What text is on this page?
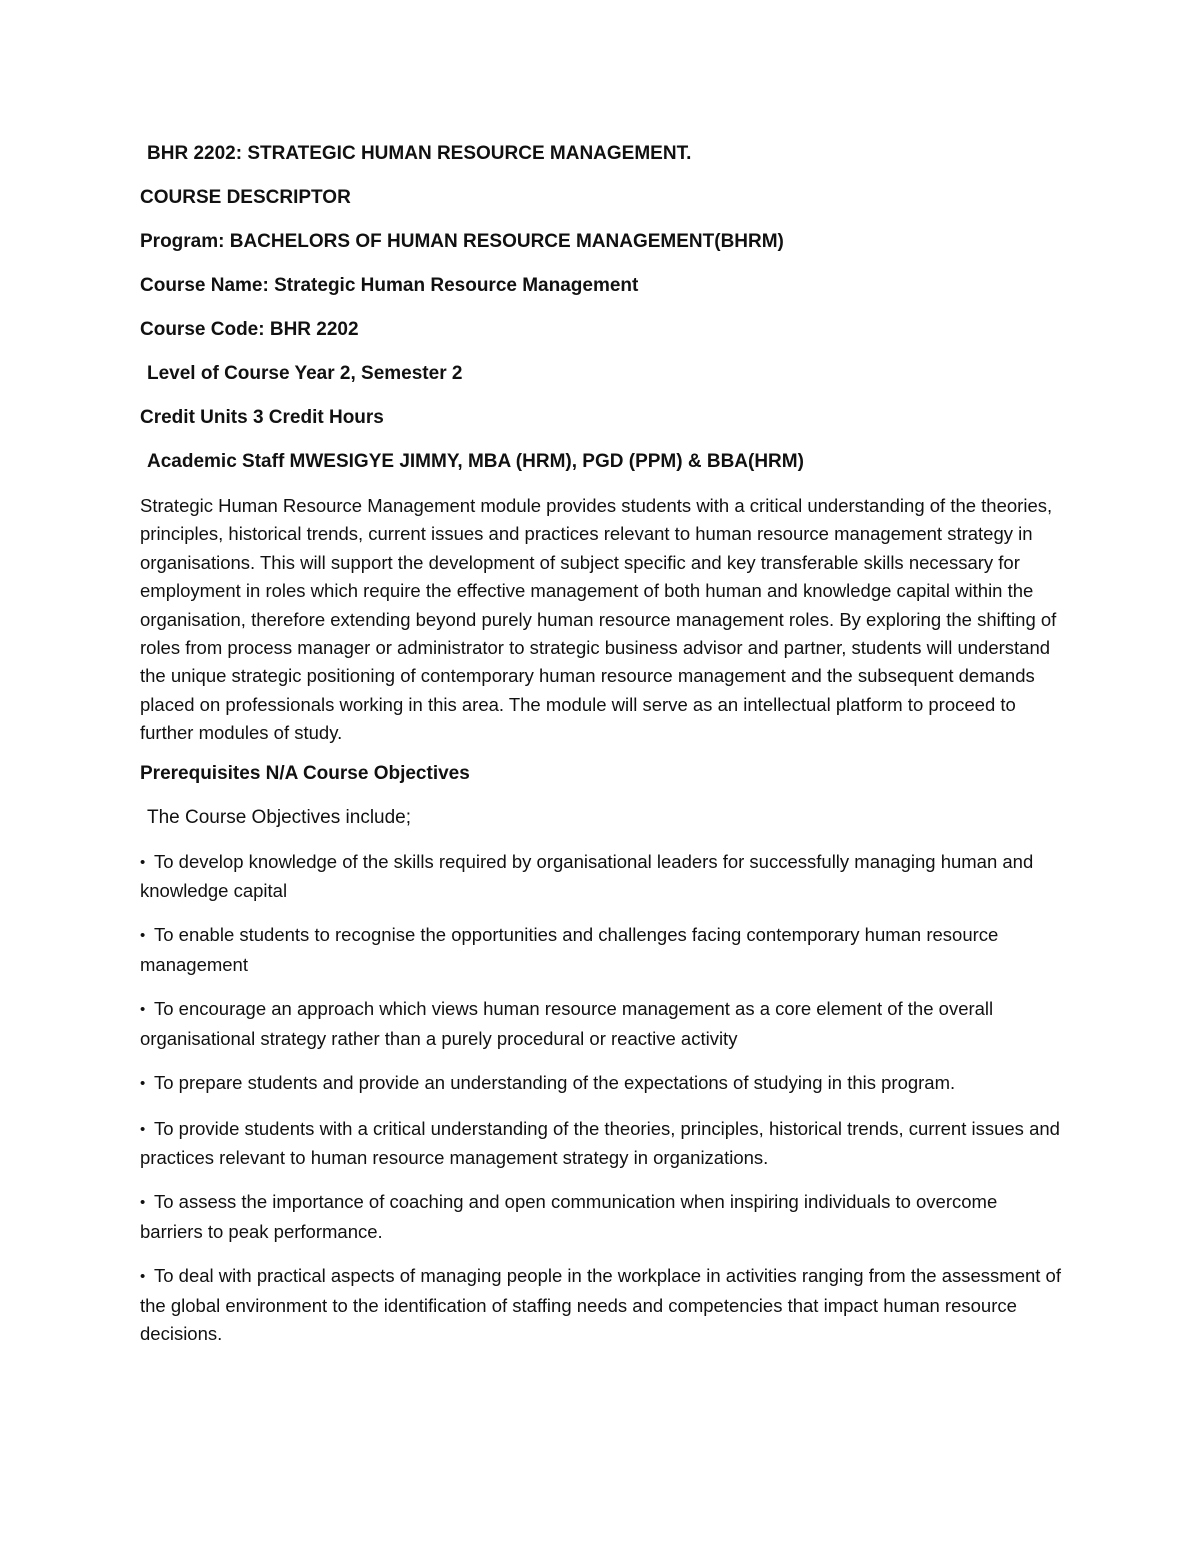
BHR 2202: STRATEGIC HUMAN RESOURCE MANAGEMENT.

COURSE DESCRIPTOR

Program: BACHELORS OF HUMAN RESOURCE MANAGEMENT(BHRM)

Course Name: Strategic Human Resource Management

Course Code: BHR 2202

Level of Course Year 2, Semester 2

Credit Units 3 Credit Hours

Academic Staff MWESIGYE JIMMY, MBA (HRM), PGD (PPM) & BBA(HRM)

Strategic Human Resource Management module provides students with a critical understanding of the theories, principles, historical trends, current issues and practices relevant to human resource management strategy in organisations. This will support the development of subject specific and key transferable skills necessary for employment in roles which require the effective management of both human and knowledge capital within the organisation, therefore extending beyond purely human resource management roles. By exploring the shifting of roles from process manager or administrator to strategic business advisor and partner, students will understand the unique strategic positioning of contemporary human resource management and the subsequent demands placed on professionals working in this area. The module will serve as an intellectual platform to proceed to further modules of study.

Prerequisites N/A Course Objectives

The Course Objectives include;

• To develop knowledge of the skills required by organisational leaders for successfully managing human and knowledge capital

• To enable students to recognise the opportunities and challenges facing contemporary human resource management

• To encourage an approach which views human resource management as a core element of the overall organisational strategy rather than a purely procedural or reactive activity

• To prepare students and provide an understanding of the expectations of studying in this program.

• To provide students with a critical understanding of the theories, principles, historical trends, current issues and practices relevant to human resource management strategy in organizations.

• To assess the importance of coaching and open communication when inspiring individuals to overcome barriers to peak performance.

• To deal with practical aspects of managing people in the workplace in activities ranging from the assessment of the global environment to the identification of staffing needs and competencies that impact human resource decisions.
